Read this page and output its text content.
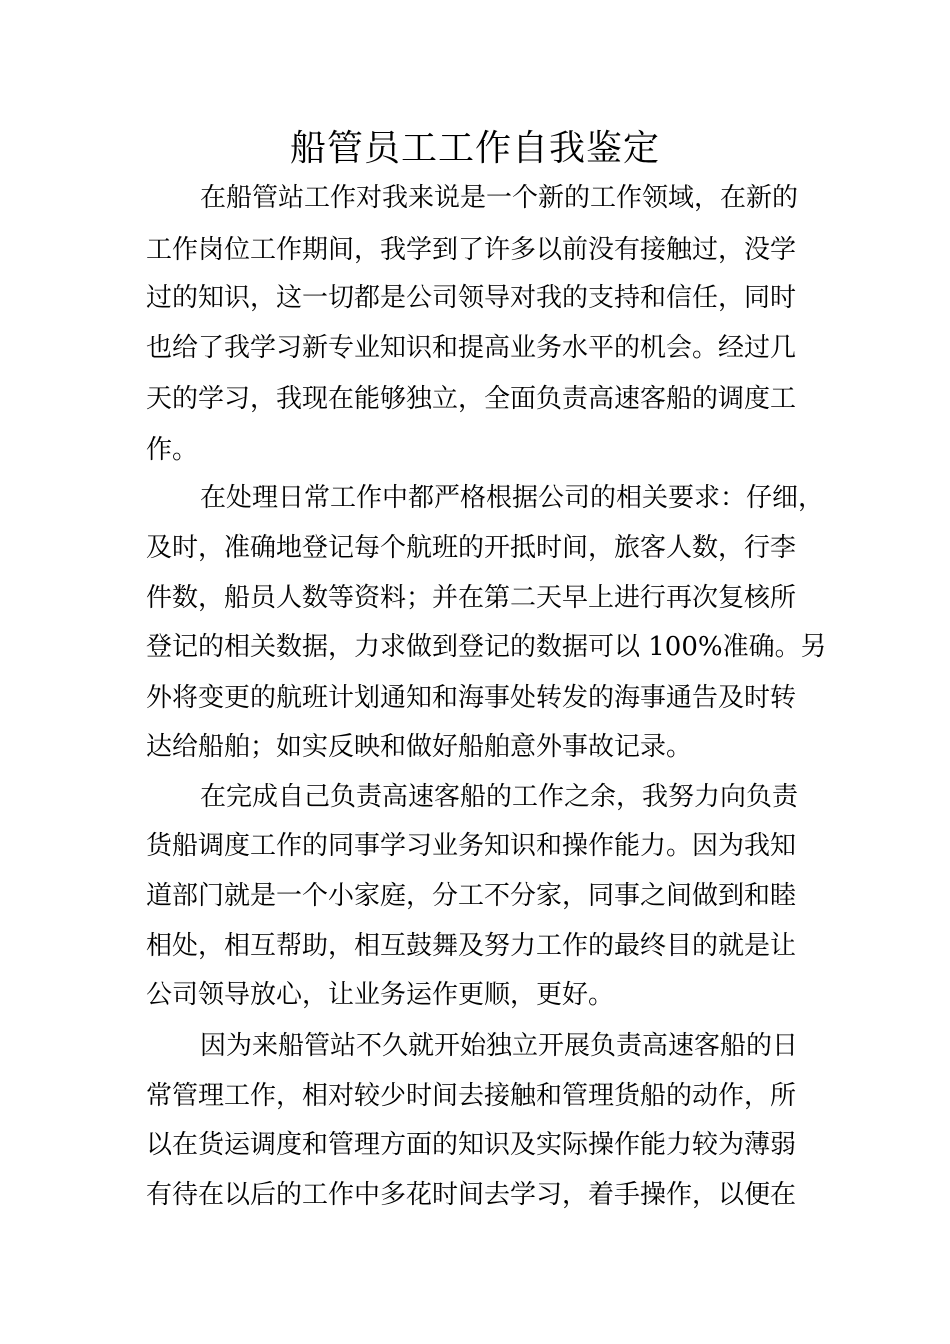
船管员工工作自我鉴定

在船管站工作对我来说是一个新的工作领域，在新的

工作岗位工作期间，我学到了许多以前没有接触过，没学

过的知识，这一切都是公司领导对我的支持和信任，同时

也给了我学习新专业知识和提高业务水平的机会。经过几

天的学习，我现在能够独立，全面负责高速客船的调度工

作。

在处理日常工作中都严格根据公司的相关要求：仔细，

及时，准确地登记每个航班的开抵时间，旅客人数，行李

件数，船员人数等资料；并在第二天早上进行再次复核所

登记的相关数据，力求做到登记的数据可以 100%准确。另

外将变更的航班计划通知和海事处转发的海事通告及时转

达给船舶；如实反映和做好船舶意外事故记录。

在完成自己负责高速客船的工作之余，我努力向负责

货船调度工作的同事学习业务知识和操作能力。因为我知

道部门就是一个小家庭，分工不分家，同事之间做到和睦

相处，相互帮助，相互鼓舞及努力工作的最终目的就是让

公司领导放心，让业务运作更顺，更好。

因为来船管站不久就开始独立开展负责高速客船的日

常管理工作，相对较少时间去接触和管理货船的动作，所

以在货运调度和管理方面的知识及实际操作能力较为薄弱

有待在以后的工作中多花时间去学习，着手操作，以便在
